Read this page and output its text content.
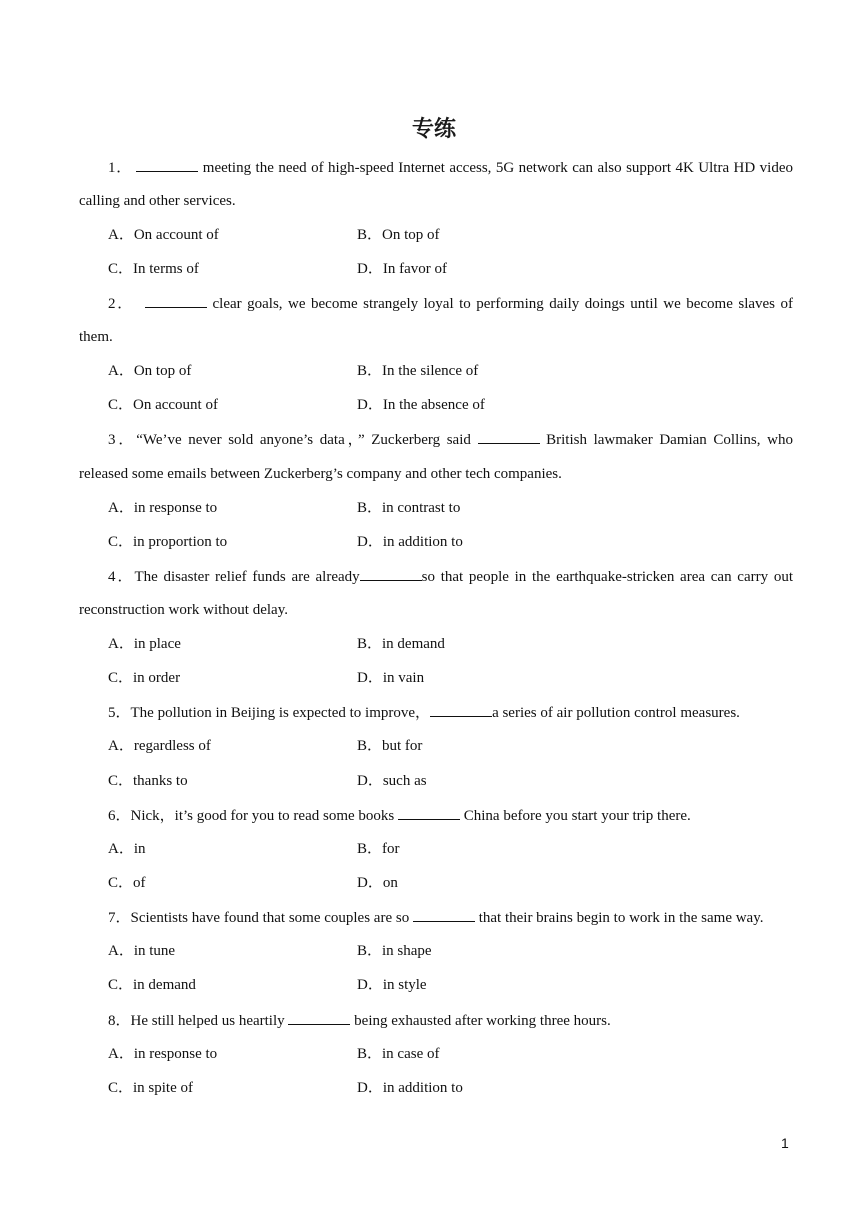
专练
1．	meeting the need of high-speed Internet access, 5G network can also support 4K Ultra HD video
calling and other services.
A．On account of	B．On top of
C．In terms of	D．In favor of
2．	clear goals, we become strangely loyal to performing daily doings until we become slaves of
them.
A．On top of	B．In the silence of
C．On account of	D．In the absence of
3．“We’ve never sold anyone’s data，” Zuckerberg said	British lawmaker Damian Collins, who
released some emails between Zuckerberg’s company and other tech companies.
A．in response to	B．in contrast to
C．in proportion to	D．in addition to
4．The disaster relief funds are already	so that people in the earthquake-stricken area can carry out
reconstruction work without delay.
A．in place	B．in demand
C．in order	D．in vain
5．The pollution in Beijing is expected to improve，	a series of air pollution control measures.
A．regardless of	B．but for
C．thanks to	D．such as
6．Nick，it’s good for you to read some books	China before you start your trip there.
A．in	B．for
C．of	D．on
7．Scientists have found that some couples are so	that their brains begin to work in the same way.
A．in tune	B．in shape
C．in demand	D．in style
8．He still helped us heartily	being exhausted after working three hours.
A．in response to	B．in case of
C．in spite of	D．in addition to
1
